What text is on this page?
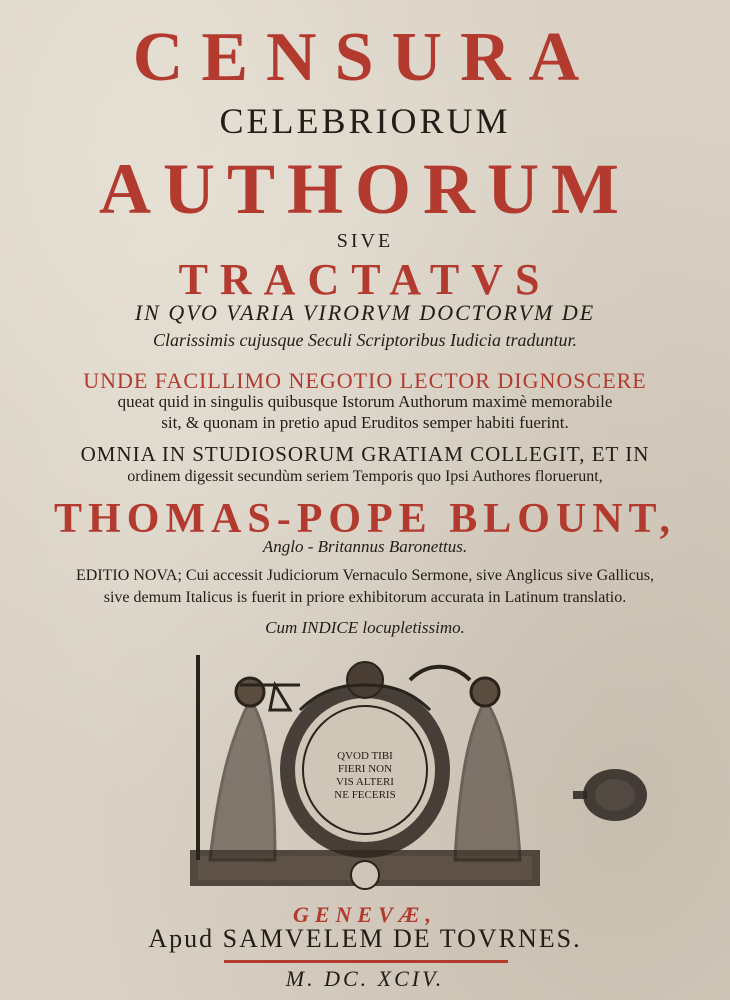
CENSURA
CELEBRIORUM
AUTHORUM
SIVE
TRACTATVS
IN QVO VARIA VIRORVM DOCTORVM DE
Clarissimis cujusque Seculi Scriptoribus Iudicia traduntur.
UNDE FACILLIMO NEGOTIO LECTOR DIGNOSCERE
queat quid in singulis quibusque Istorum Authorum maximè memorabile
sit, & quonam in pretio apud Eruditos semper habiti fuerint.
OMNIA IN STUDIOSORUM GRATIAM COLLEGIT, ET IN
ordinem digessit secundùm seriem Temporis quo Ipsi Authores floruerunt,
THOMAS-POPE BLOUNT,
Anglo - Britannus Baronettus.
EDITIO NOVA; Cui accessit Judiciorum Vernaculo Sermone, sive Anglicus sive Gallicus,
sive demum Italicus is fuerit in priore exhibitorum accurata in Latinum translatio.
Cum INDICE locupletissimo.
QVOD TIBI
FIERI NON
VIS ALTERI
NE FECERIS
GENEVÆ,
Apud SAMVELEM DE TOVRNES.
M. DC. XCIV.
